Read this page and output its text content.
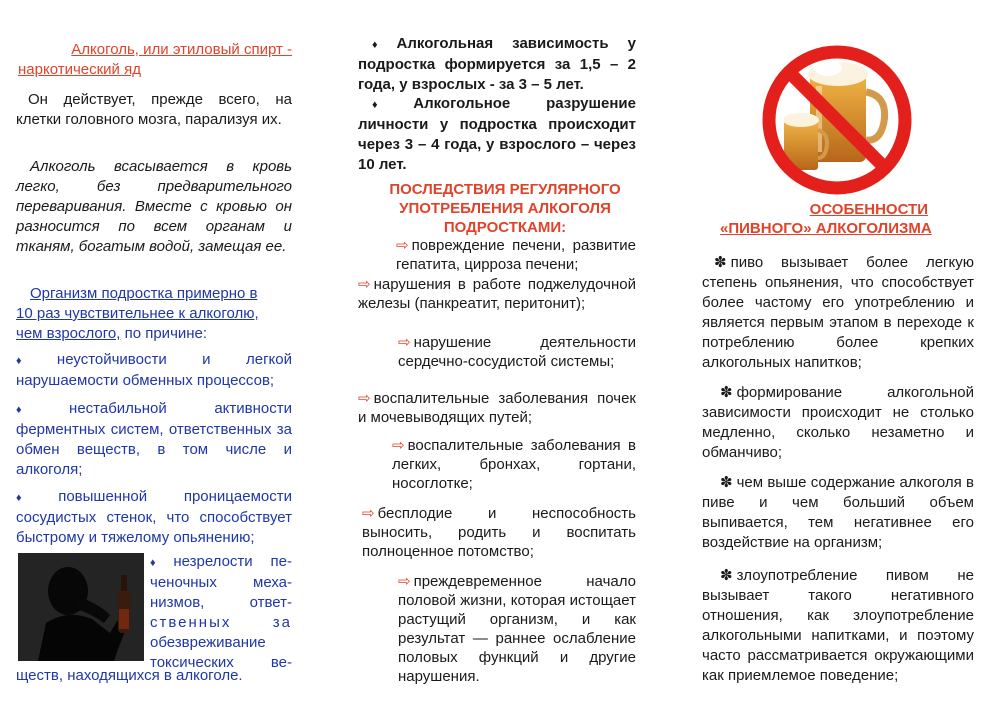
Алкоголь, или этиловый спирт -
наркотический яд

Он действует, прежде всего, на клетки головного мозга, парализуя их.

Алкоголь всасывается в кровь легко, без предварительного переваривания. Вместе с кровью он разносится по всем органам и тканям, богатым водой, замещая ее.

Организм подростка примерно в
10 раз чувствительнее к алкоголю,
чем взрослого, по причине:
♦ неустойчивости и легкой нарушаемости обменных процессов;
♦ нестабильной активности ферментных систем, ответственных за обмен веществ, в том числе и алкоголя;
♦ повышенной проницаемости сосудистых стенок, что способствует быстрому и тяжелому опьянению;
♦ незрелости пе-
ченочных меха-
низмов, ответ-
ственных за
обезвреживание
токсических ве-
ществ, находящихся в алкоголе.

♦ Алкогольная зависимость у подростка формируется за 1,5 – 2 года, у взрослых - за 3 – 5 лет.

♦ Алкогольное разрушение личности у подростка происходит через 3 – 4 года, у взрослого – через 10 лет.

ПОСЛЕДСТВИЯ РЕГУЛЯРНОГО
УПОТРЕБЛЕНИЯ АЛКОГОЛЯ
ПОДРОСТКАМИ:
⇨ повреждение печени, развитие гепатита, цирроза печени;
⇨ нарушения в работе поджелудочной железы (панкреатит, перитонит);
⇨ нарушение деятельности сердечно-сосудистой системы;
⇨ воспалительные заболевания почек и мочевыводящих путей;
⇨ воспалительные заболевания в легких, бронхах, гортани, носоглотке;
⇨ бесплодие и неспособность выносить, родить и воспитать полноценное потомство;
⇨ преждевременное начало половой жизни, которая истощает растущий организм, и как результат — раннее ослабление половых функций и другие нарушения.
ОСОБЕННОСТИ
«ПИВНОГО» АЛКОГОЛИЗМА

✽ пиво вызывает более легкую степень опьянения, что способствует более частому его употреблению и является первым этапом в переходе к потреблению более крепких алкогольных напитков;

✽ формирование алкогольной зависимости происходит не столько медленно, сколько незаметно и обманчиво;

✽ чем выше содержание алкоголя в пиве и чем больший объем выпивается, тем негативнее его воздействие на организм;

✽ злоупотребление пивом не вызывает такого негативного отношения, как злоупотребление алкогольными напитками, и поэтому часто рассматривается окружающими как приемлемое поведение;
